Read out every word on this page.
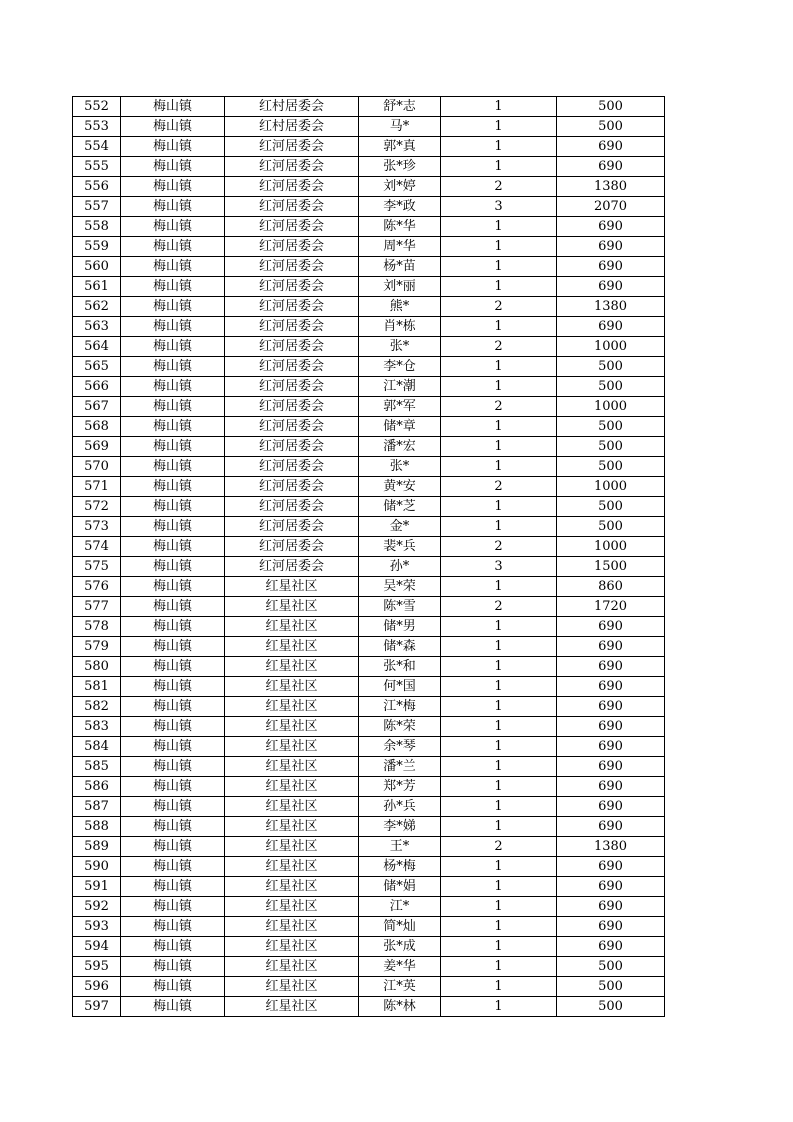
552	梅山镇	红村居委会	舒*志	1	500
553	梅山镇	红村居委会	马*	1	500
554	梅山镇	红河居委会	郭*真	1	690
555	梅山镇	红河居委会	张*珍	1	690
556	梅山镇	红河居委会	刘*婷	2	1380
557	梅山镇	红河居委会	李*政	3	2070
558	梅山镇	红河居委会	陈*华	1	690
559	梅山镇	红河居委会	周*华	1	690
560	梅山镇	红河居委会	杨*苗	1	690
561	梅山镇	红河居委会	刘*丽	1	690
562	梅山镇	红河居委会	熊*	2	1380
563	梅山镇	红河居委会	肖*栋	1	690
564	梅山镇	红河居委会	张*	2	1000
565	梅山镇	红河居委会	李*仓	1	500
566	梅山镇	红河居委会	江*潮	1	500
567	梅山镇	红河居委会	郭*军	2	1000
568	梅山镇	红河居委会	储*章	1	500
569	梅山镇	红河居委会	潘*宏	1	500
570	梅山镇	红河居委会	张*	1	500
571	梅山镇	红河居委会	黄*安	2	1000
572	梅山镇	红河居委会	储*芝	1	500
573	梅山镇	红河居委会	金*	1	500
574	梅山镇	红河居委会	裴*兵	2	1000
575	梅山镇	红河居委会	孙*	3	1500
576	梅山镇	红星社区	吴*荣	1	860
577	梅山镇	红星社区	陈*雪	2	1720
578	梅山镇	红星社区	储*男	1	690
579	梅山镇	红星社区	储*森	1	690
580	梅山镇	红星社区	张*和	1	690
581	梅山镇	红星社区	何*国	1	690
582	梅山镇	红星社区	江*梅	1	690
583	梅山镇	红星社区	陈*荣	1	690
584	梅山镇	红星社区	余*琴	1	690
585	梅山镇	红星社区	潘*兰	1	690
586	梅山镇	红星社区	郑*芳	1	690
587	梅山镇	红星社区	孙*兵	1	690
588	梅山镇	红星社区	李*娣	1	690
589	梅山镇	红星社区	王*	2	1380
590	梅山镇	红星社区	杨*梅	1	690
591	梅山镇	红星社区	储*娟	1	690
592	梅山镇	红星社区	江*	1	690
593	梅山镇	红星社区	简*灿	1	690
594	梅山镇	红星社区	张*成	1	690
595	梅山镇	红星社区	姜*华	1	500
596	梅山镇	红星社区	江*英	1	500
597	梅山镇	红星社区	陈*林	1	500
